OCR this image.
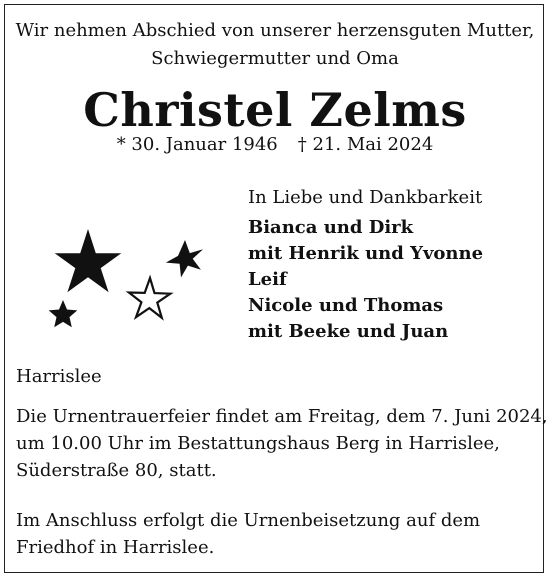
Wir nehmen Abschied von unserer herzensguten Mutter,
Schwiegermutter und Oma
Christel Zelms
* 30. Januar 1946 † 21. Mai 2024
In Liebe und Dankbarkeit
Bianca und Dirk
mit Henrik und Yvonne
Leif
Nicole und Thomas
mit Beeke und Juan
Harrislee
Die Urnentrauerfeier findet am Freitag, dem 7. Juni 2024,
um 10.00 Uhr im Bestattungshaus Berg in Harrislee,
Süderstraße 80, statt.
Im Anschluss erfolgt die Urnenbeisetzung auf dem
Friedhof in Harrislee.
